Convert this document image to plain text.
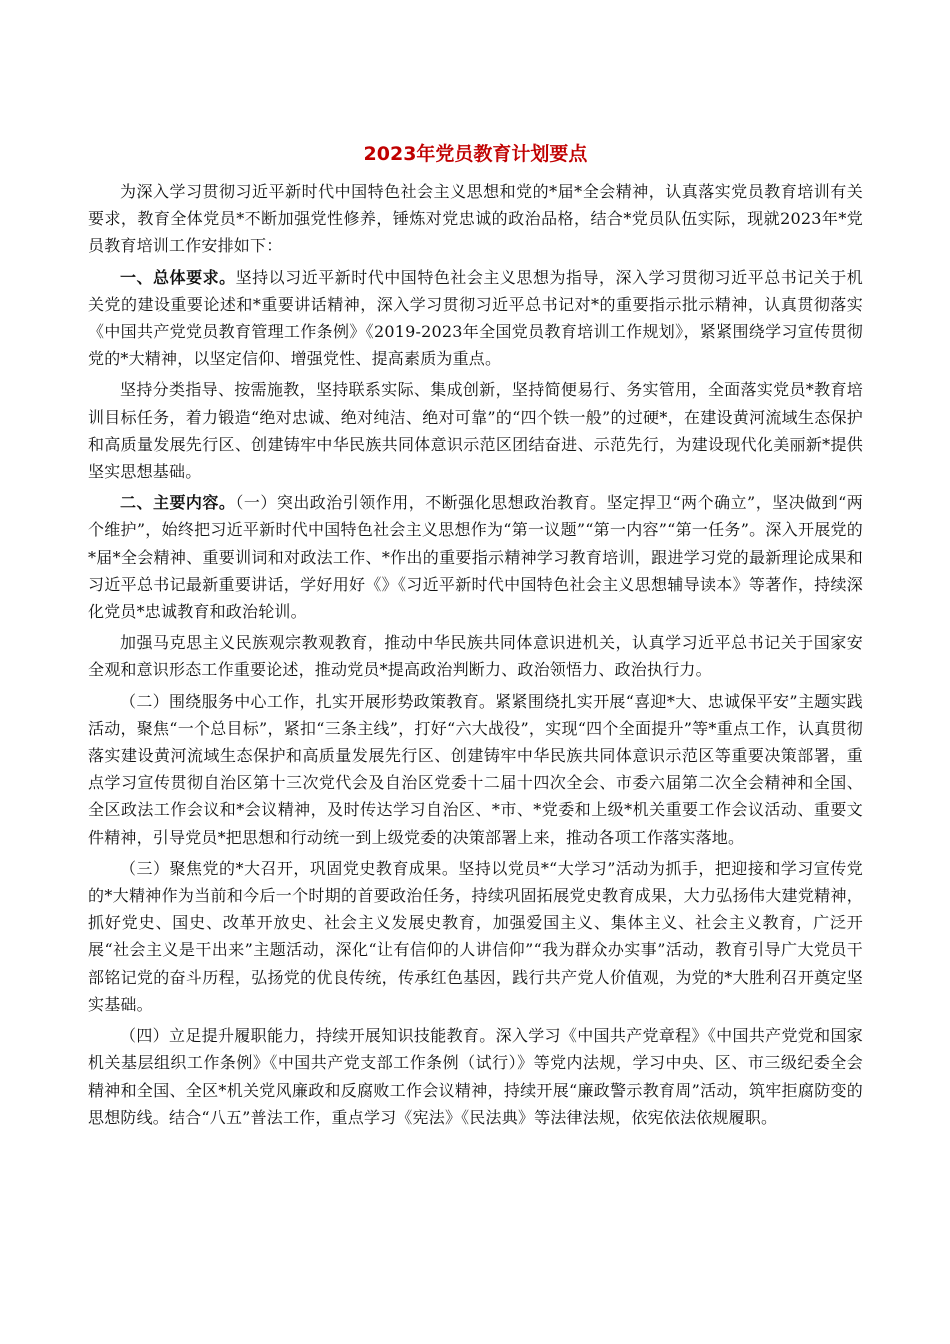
2023年党员教育计划要点

为深入学习贯彻习近平新时代中国特色社会主义思想和党的*届*全会精神，认真落实党员教育培训有关要求，教育全体党员*不断加强党性修养，锤炼对党忠诚的政治品格，结合*党员队伍实际，现就2023年*党员教育培训工作安排如下：

一、总体要求。坚持以习近平新时代中国特色社会主义思想为指导，深入学习贯彻习近平总书记关于机关党的建设重要论述和*重要讲话精神，深入学习贯彻习近平总书记对*的重要指示批示精神，认真贯彻落实《中国共产党党员教育管理工作条例》《2019-2023年全国党员教育培训工作规划》，紧紧围绕学习宣传贯彻党的*大精神，以坚定信仰、增强党性、提高素质为重点。

坚持分类指导、按需施教，坚持联系实际、集成创新，坚持简便易行、务实管用，全面落实党员*教育培训目标任务，着力锻造“绝对忠诚、绝对纯洁、绝对可靠”的“四个铁一般”的过硬*，在建设黄河流域生态保护和高质量发展先行区、创建铸牢中华民族共同体意识示范区团结奋进、示范先行，为建设现代化美丽新*提供坚实思想基础。

二、主要内容。（一）突出政治引领作用，不断强化思想政治教育。坚定捍卫“两个确立”，坚决做到“两个维护”，始终把习近平新时代中国特色社会主义思想作为“第一议题”“第一内容”“第一任务”。深入开展党的*届*全会精神、重要训词和对政法工作、*作出的重要指示精神学习教育培训，跟进学习党的最新理论成果和习近平总书记最新重要讲话，学好用好《》《习近平新时代中国特色社会主义思想辅导读本》等著作，持续深化党员*忠诚教育和政治轮训。

加强马克思主义民族观宗教观教育，推动中华民族共同体意识进机关，认真学习近平总书记关于国家安全观和意识形态工作重要论述，推动党员*提高政治判断力、政治领悟力、政治执行力。

（二）围绕服务中心工作，扎实开展形势政策教育。紧紧围绕扎实开展“喜迎*大、忠诚保平安”主题实践活动，聚焦“一个总目标”，紧扣“三条主线”，打好“六大战役”，实现“四个全面提升”等*重点工作，认真贯彻落实建设黄河流域生态保护和高质量发展先行区、创建铸牢中华民族共同体意识示范区等重要决策部署，重点学习宣传贯彻自治区第十三次党代会及自治区党委十二届十四次全会、市委六届第二次全会精神和全国、全区政法工作会议和*会议精神，及时传达学习自治区、*市、*党委和上级*机关重要工作会议活动、重要文件精神，引导党员*把思想和行动统一到上级党委的决策部署上来，推动各项工作落实落地。

（三）聚焦党的*大召开，巩固党史教育成果。坚持以党员*“大学习”活动为抓手，把迎接和学习宣传党的*大精神作为当前和今后一个时期的首要政治任务，持续巩固拓展党史教育成果，大力弘扬伟大建党精神，抓好党史、国史、改革开放史、社会主义发展史教育，加强爱国主义、集体主义、社会主义教育，广泛开展“社会主义是干出来”主题活动，深化“让有信仰的人讲信仰”“我为群众办实事”活动，教育引导广大党员干部铭记党的奋斗历程，弘扬党的优良传统，传承红色基因，践行共产党人价值观，为党的*大胜利召开奠定坚实基础。

（四）立足提升履职能力，持续开展知识技能教育。深入学习《中国共产党章程》《中国共产党党和国家机关基层组织工作条例》《中国共产党支部工作条例（试行）》等党内法规，学习中央、区、市三级纪委全会精神和全国、全区*机关党风廉政和反腐败工作会议精神，持续开展“廉政警示教育周”活动，筑牢拒腐防变的思想防线。结合“八五”普法工作，重点学习《宪法》《民法典》等法律法规，依宪依法依规履职。
